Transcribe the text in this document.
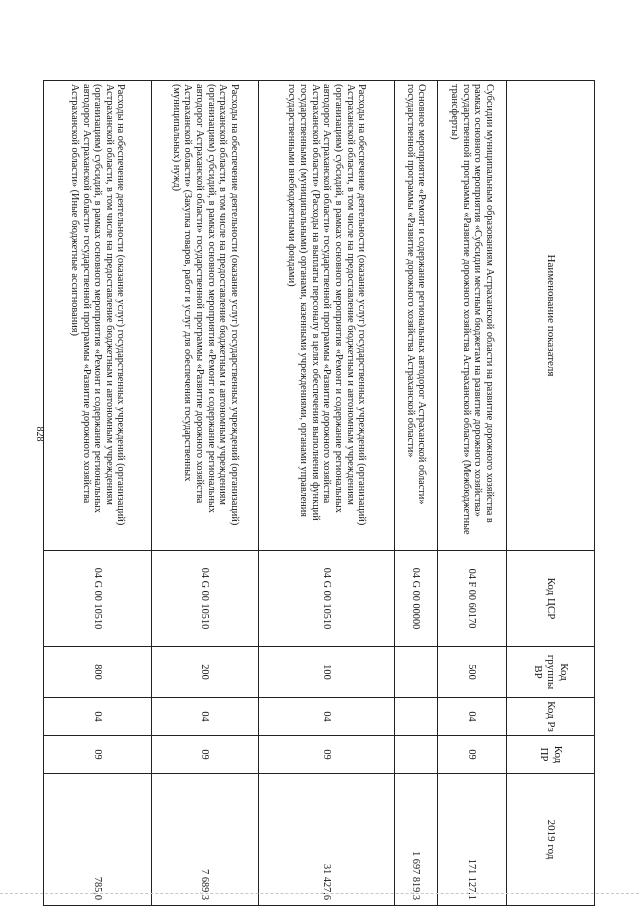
828
Наименование показателя	Код ЦСР	Код группы ВР	Код Рз	Код ПР	2019 год
Субсидии муниципальным образованиям Астраханской области на развитие дорожного хозяйства в рамках основного мероприятия «Субсидии местным бюджетам на развитие дорожного хозяйства» государственной программы «Развитие дорожного хозяйства Астраханской области» (Межбюджетные трансферты)	04 F 00 60170	500	04	09	171 127,1
Основное мероприятие «Ремонт и содержание региональных автодорог Астраханской области» государственной программы «Развитие дорожного хозяйства Астраханской области»	04 G 00 00000				1 697 819,3
Расходы на обеспечение деятельности (оказание услуг) государственных учреждений (организаций) Астраханской области, в том числе на предоставление бюджетным и автономным учреждениям (организациям) субсидий, в рамках основного мероприятия «Ремонт и содержание региональных автодорог Астраханской области» государственной программы «Развитие дорожного хозяйства Астраханской области» (Расходы на выплаты персоналу в целях обеспечения выполнения функций государственными (муниципальными) органами, казенными учреждениями, органами управления государственными внебюджетными фондами)	04 G 00 10510	100	04	09	31 427,6
Расходы на обеспечение деятельности (оказание услуг) государственных учреждений (организаций) Астраханской области, в том числе на предоставление бюджетным и автономным учреждениям (организациям) субсидий, в рамках основного мероприятия «Ремонт и содержание региональных автодорог Астраханской области» государственной программы «Развитие дорожного хозяйства Астраханской области» (Закупка товаров, работ и услуг для обеспечения государственных (муниципальных) нужд)	04 G 00 10510	200	04	09	7 689,3
Расходы на обеспечение деятельности (оказание услуг) государственных учреждений (организаций) Астраханской области, в том числе на предоставление бюджетным и автономным учреждениям (организациям) субсидий, в рамках основного мероприятия «Ремонт и содержание региональных автодорог Астраханской области» государственной программы «Развитие дорожного хозяйства Астраханской области» (Иные бюджетные ассигнования)	04 G 00 10510	800	04	09	785,0
